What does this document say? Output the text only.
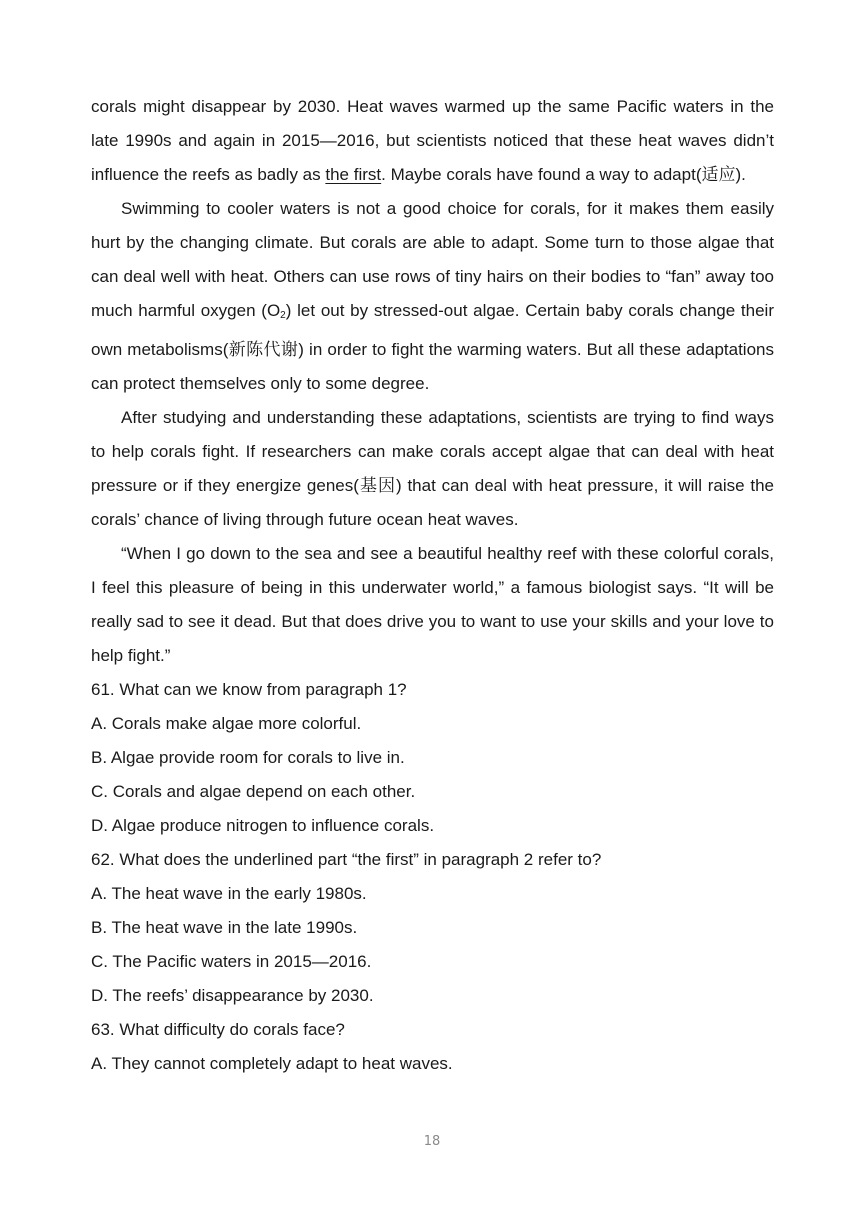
corals might disappear by 2030. Heat waves warmed up the same Pacific waters in the late 1990s and again in 2015—2016, but scientists noticed that these heat waves didn’t influence the reefs as badly as the first. Maybe corals have found a way to adapt(适应).

Swimming to cooler waters is not a good choice for corals, for it makes them easily hurt by the changing climate. But corals are able to adapt. Some turn to those algae that can deal well with heat. Others can use rows of tiny hairs on their bodies to “fan” away too much harmful oxygen $(O_2)$ let out by stressed-out algae. Certain baby corals change their own metabolisms(新陈代谢) in order to fight the warming waters. But all these adaptations can protect themselves only to some degree.

After studying and understanding these adaptations, scientists are trying to find ways to help corals fight. If researchers can make corals accept algae that can deal with heat pressure or if they energize genes(基因) that can deal with heat pressure, it will raise the corals’ chance of living through future ocean heat waves.

“When I go down to the sea and see a beautiful healthy reef with these colorful corals, I feel this pleasure of being in this underwater world,” a famous biologist says. “It will be really sad to see it dead. But that does drive you to want to use your skills and your love to help fight.”

61. What can we know from paragraph 1?

A. Corals make algae more colorful.

B. Algae provide room for corals to live in.

C. Corals and algae depend on each other.

D. Algae produce nitrogen to influence corals.

62. What does the underlined part “the first” in paragraph 2 refer to?

A. The heat wave in the early 1980s.

B. The heat wave in the late 1990s.

C. The Pacific waters in 2015—2016.

D. The reefs’ disappearance by 2030.

63. What difficulty do corals face?

A. They cannot completely adapt to heat waves.

18
